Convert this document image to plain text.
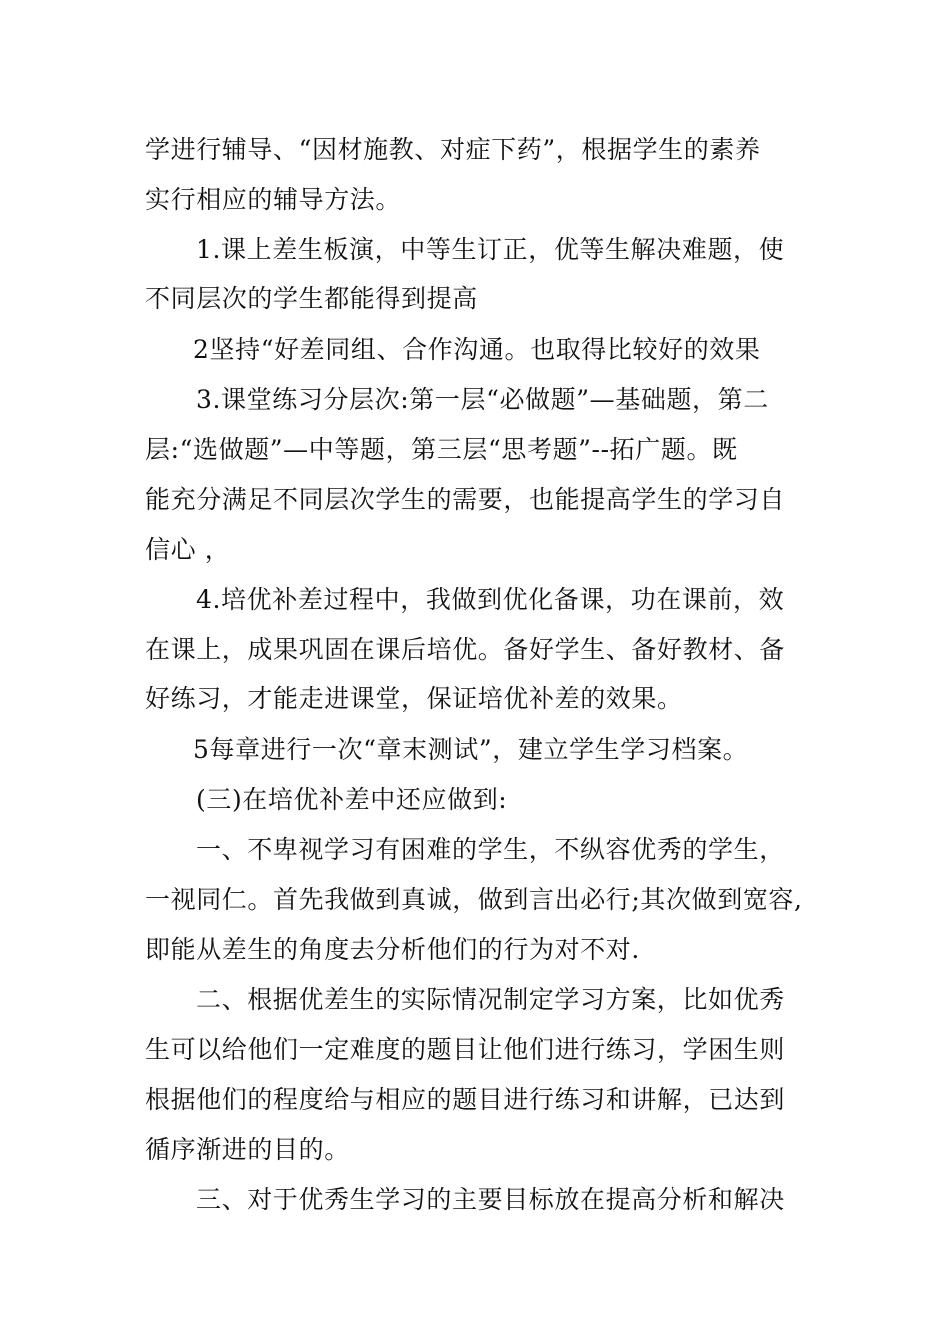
学进行辅导、“因材施教、对症下药”，根据学生的素养
实行相应的辅导方法。
1.课上差生板演，中等生订正，优等生解决难题，使
不同层次的学生都能得到提高
2坚持“好差同组、合作沟通。也取得比较好的效果
3.课堂练习分层次:第一层“必做题”—基础题，第二
层:“选做题”—中等题，第三层“思考题”--拓广题。既
能充分满足不同层次学生的需要，也能提高学生的学习自
信心 ，
4.培优补差过程中，我做到优化备课，功在课前，效
在课上，成果巩固在课后培优。备好学生、备好教材、备
好练习，才能走进课堂，保证培优补差的效果。
5每章进行一次“章末测试”，建立学生学习档案。
(三)在培优补差中还应做到:
一、不卑视学习有困难的学生，不纵容优秀的学生，
一视同仁。首先我做到真诚，做到言出必行;其次做到宽容,
即能从差生的角度去分析他们的行为对不对.
二、根据优差生的实际情况制定学习方案，比如优秀
生可以给他们一定难度的题目让他们进行练习，学困生则
根据他们的程度给与相应的题目进行练习和讲解，已达到
循序渐进的目的。
三、对于优秀生学习的主要目标放在提高分析和解决
